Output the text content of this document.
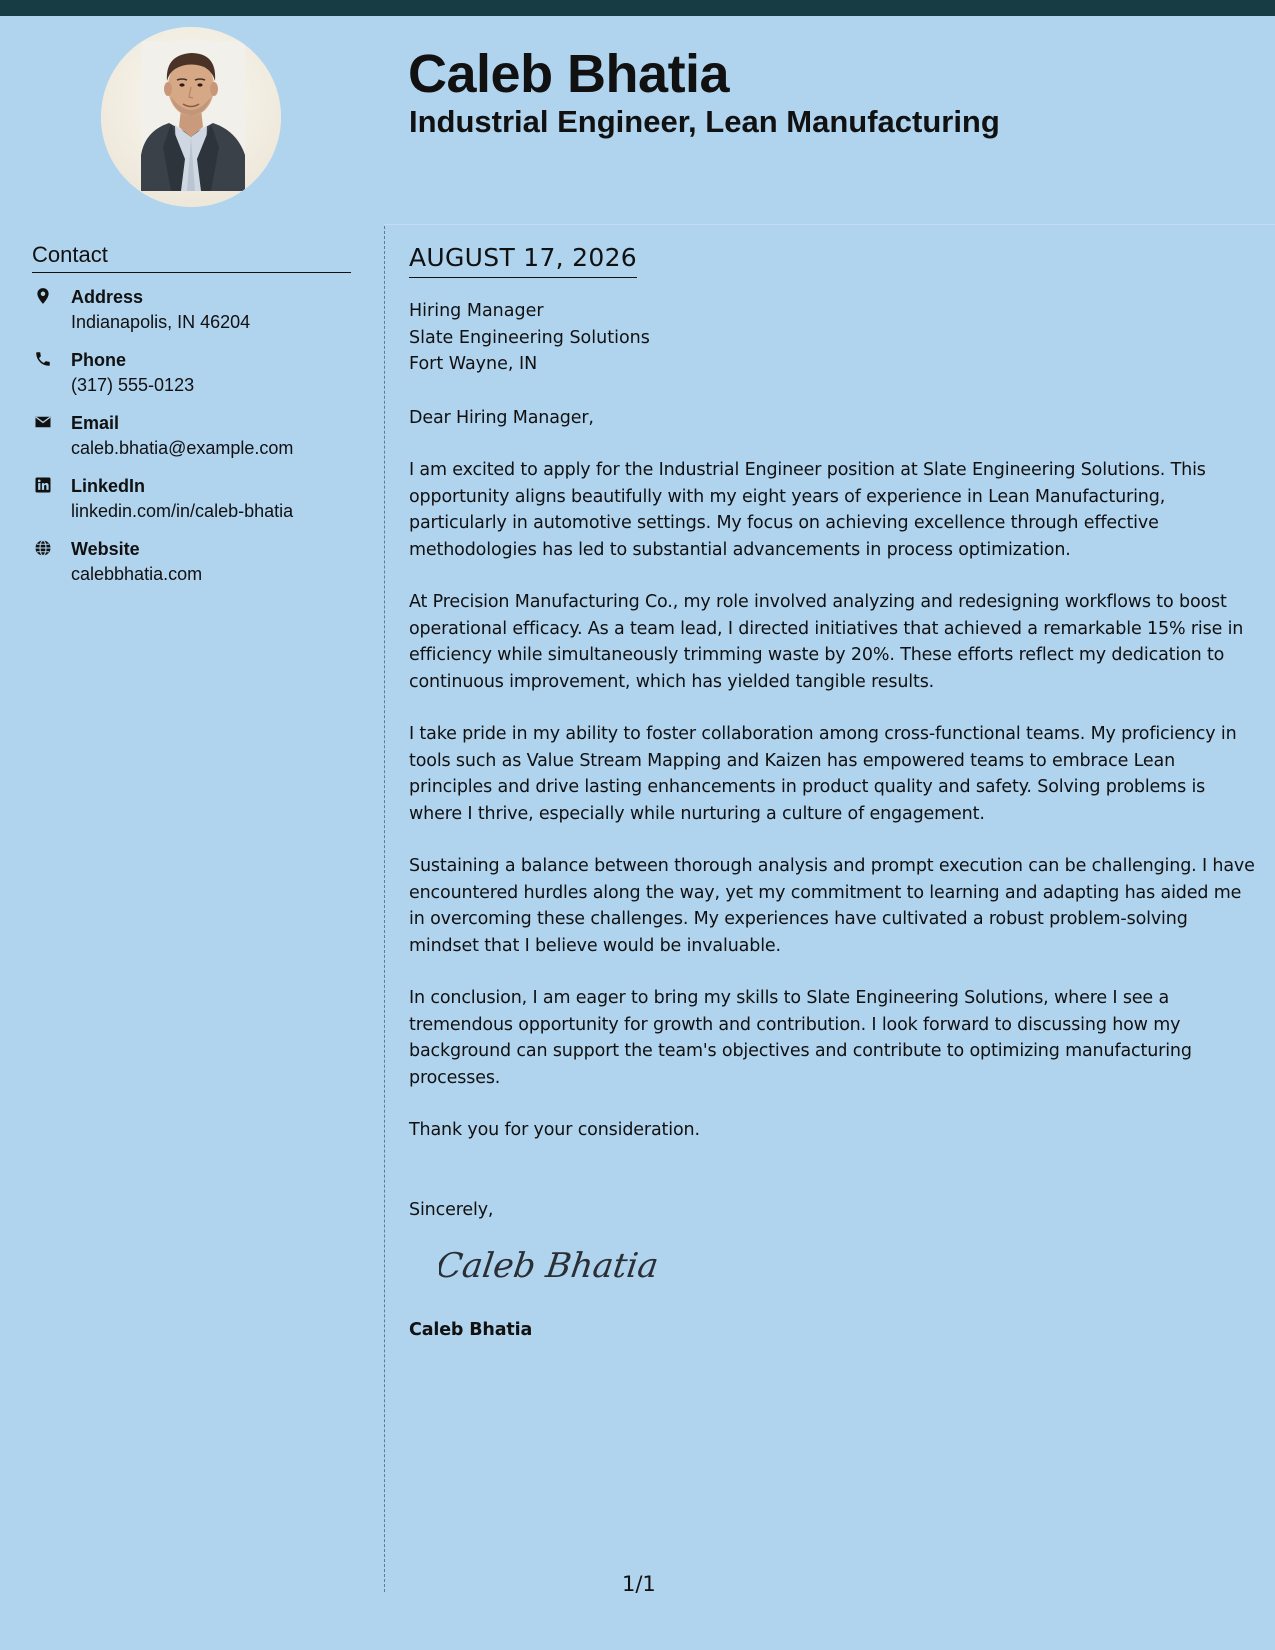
Caleb Bhatia
Industrial Engineer, Lean Manufacturing
Contact
Address
Indianapolis, IN 46204
Phone
(317) 555-0123
Email
caleb.bhatia@example.com
LinkedIn
linkedin.com/in/caleb-bhatia
Website
calebbhatia.com
AUGUST 17, 2026
Hiring Manager
Slate Engineering Solutions
Fort Wayne, IN

Dear Hiring Manager,

I am excited to apply for the Industrial Engineer position at Slate Engineering Solutions. This opportunity aligns beautifully with my eight years of experience in Lean Manufacturing, particularly in automotive settings. My focus on achieving excellence through effective methodologies has led to substantial advancements in process optimization.

At Precision Manufacturing Co., my role involved analyzing and redesigning workflows to boost operational efficacy. As a team lead, I directed initiatives that achieved a remarkable 15% rise in efficiency while simultaneously trimming waste by 20%. These efforts reflect my dedication to continuous improvement, which has yielded tangible results.

I take pride in my ability to foster collaboration among cross-functional teams. My proficiency in tools such as Value Stream Mapping and Kaizen has empowered teams to embrace Lean principles and drive lasting enhancements in product quality and safety. Solving problems is where I thrive, especially while nurturing a culture of engagement.

Sustaining a balance between thorough analysis and prompt execution can be challenging. I have encountered hurdles along the way, yet my commitment to learning and adapting has aided me in overcoming these challenges. My experiences have cultivated a robust problem-solving mindset that I believe would be invaluable.

In conclusion, I am eager to bring my skills to Slate Engineering Solutions, where I see a tremendous opportunity for growth and contribution. I look forward to discussing how my background can support the team's objectives and contribute to optimizing manufacturing processes.

Thank you for your consideration.

Sincerely,

Caleb Bhatia

Caleb Bhatia

1/1
